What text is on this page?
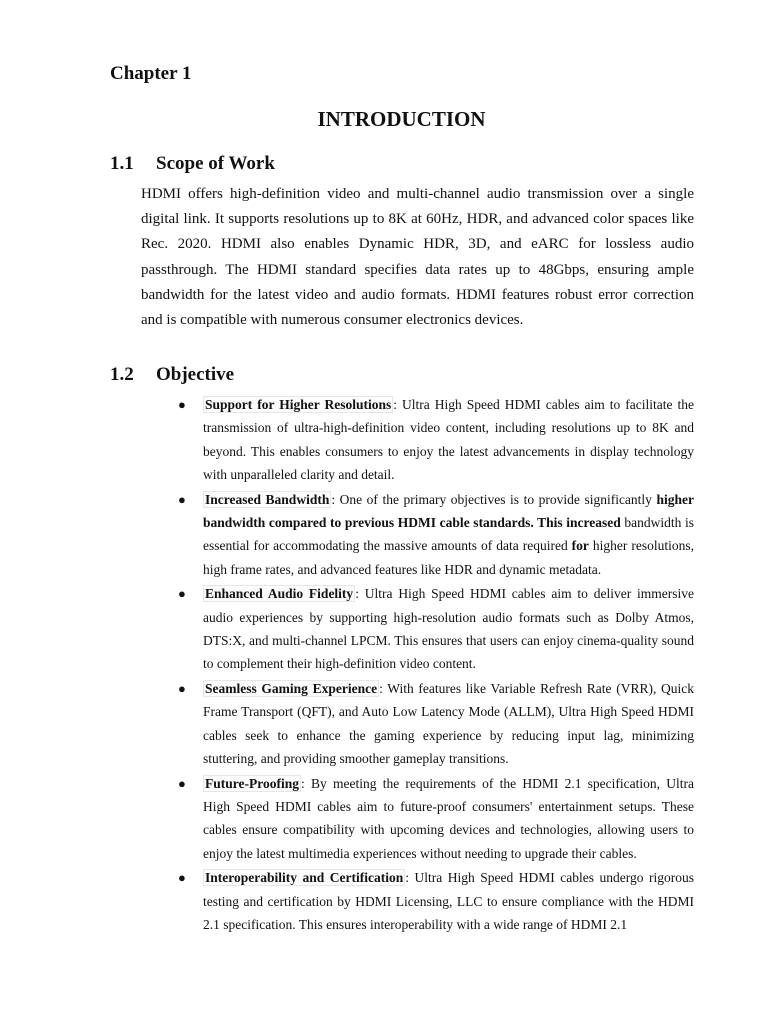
Chapter 1
INTRODUCTION
1.1 Scope of Work

HDMI offers high-definition video and multi-channel audio transmission over a single digital link. It supports resolutions up to 8K at 60Hz, HDR, and advanced color spaces like Rec. 2020. HDMI also enables Dynamic HDR, 3D, and eARC for lossless audio passthrough. The HDMI standard specifies data rates up to 48Gbps, ensuring ample bandwidth for the latest video and audio formats. HDMI features robust error correction and is compatible with numerous consumer electronics devices.

1.2 Objective
● Support for Higher Resolutions : Ultra High Speed HDMI cables aim to facilitate the transmission of ultra-high-definition video content, including resolutions up to 8K and beyond. This enables consumers to enjoy the latest advancements in display technology with unparalleled clarity and detail.
● Increased Bandwidth : One of the primary objectives is to provide significantly higher bandwidth compared to previous HDMI cable standards. This increased bandwidth is essential for accommodating the massive amounts of data required for higher resolutions, high frame rates, and advanced features like HDR and dynamic metadata.
● Enhanced Audio Fidelity : Ultra High Speed HDMI cables aim to deliver immersive audio experiences by supporting high-resolution audio formats such as Dolby Atmos, DTS:X, and multi-channel LPCM. This ensures that users can enjoy cinema-quality sound to complement their high-definition video content.
● Seamless Gaming Experience : With features like Variable Refresh Rate (VRR), Quick Frame Transport (QFT), and Auto Low Latency Mode (ALLM), Ultra High Speed HDMI cables seek to enhance the gaming experience by reducing input lag, minimizing stuttering, and providing smoother gameplay transitions.
● Future-Proofing : By meeting the requirements of the HDMI 2.1 specification, Ultra High Speed HDMI cables aim to future-proof consumers' entertainment setups. These cables ensure compatibility with upcoming devices and technologies, allowing users to enjoy the latest multimedia experiences without needing to upgrade their cables.
● Interoperability and Certification : Ultra High Speed HDMI cables undergo rigorous testing and certification by HDMI Licensing, LLC to ensure compliance with the HDMI 2.1 specification. This ensures interoperability with a wide range of HDMI 2.1
